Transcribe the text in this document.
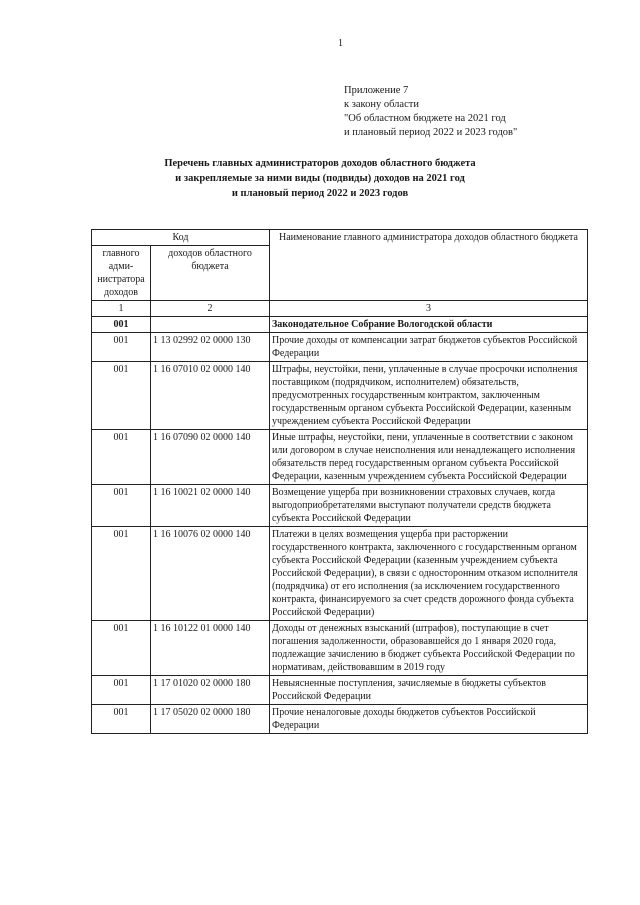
1
Приложение 7
к закону области
"Об областном бюджете на 2021 год
и плановый период 2022 и 2023 годов"
Перечень главных администраторов доходов областного бюджета
и закрепляемые за ними виды (подвиды) доходов на 2021 год
и плановый период 2022 и 2023 годов
Код		Наименование главного администратора доходов областного бюджета
главного адми-нистратора доходов	доходов областного бюджета	
1	2	3
001		Законодательное Собрание Вологодской области
001	1 13 02992 02 0000 130	Прочие доходы от компенсации затрат бюджетов субъектов Российской Федерации
001	1 16 07010 02 0000 140	Штрафы, неустойки, пени, уплаченные в случае просрочки исполнения поставщиком (подрядчиком, исполнителем) обязательств, предусмотренных государственным контрактом, заключенным государственным органом субъекта Российской Федерации, казенным учреждением субъекта Российской Федерации
001	1 16 07090 02 0000 140	Иные штрафы, неустойки, пени, уплаченные в соответствии с законом или договором в случае неисполнения или ненадлежащего исполнения обязательств перед государственным органом субъекта Российской Федерации, казенным учреждением субъекта Российской Федерации
001	1 16 10021 02 0000 140	Возмещение ущерба при возникновении страховых случаев, когда выгодоприобретателями выступают получатели средств бюджета субъекта Российской Федерации
001	1 16 10076 02 0000 140	Платежи в целях возмещения ущерба при расторжении государственного контракта, заключенного с государственным органом субъекта Российской Федерации (казенным учреждением субъекта Российской Федерации), в связи с односторонним отказом исполнителя (подрядчика) от его исполнения (за исключением государственного контракта, финансируемого за счет средств дорожного фонда субъекта Российской Федерации)
001	1 16 10122 01 0000 140	Доходы от денежных взысканий (штрафов), поступающие в счет погашения задолженности, образовавшейся до 1 января 2020 года, подлежащие зачислению в бюджет субъекта Российской Федерации по нормативам, действовавшим в 2019 году
001	1 17 01020 02 0000 180	Невыясненные поступления, зачисляемые в бюджеты субъектов Российской Федерации
001	1 17 05020 02 0000 180	Прочие неналоговые доходы бюджетов субъектов Российской Федерации
